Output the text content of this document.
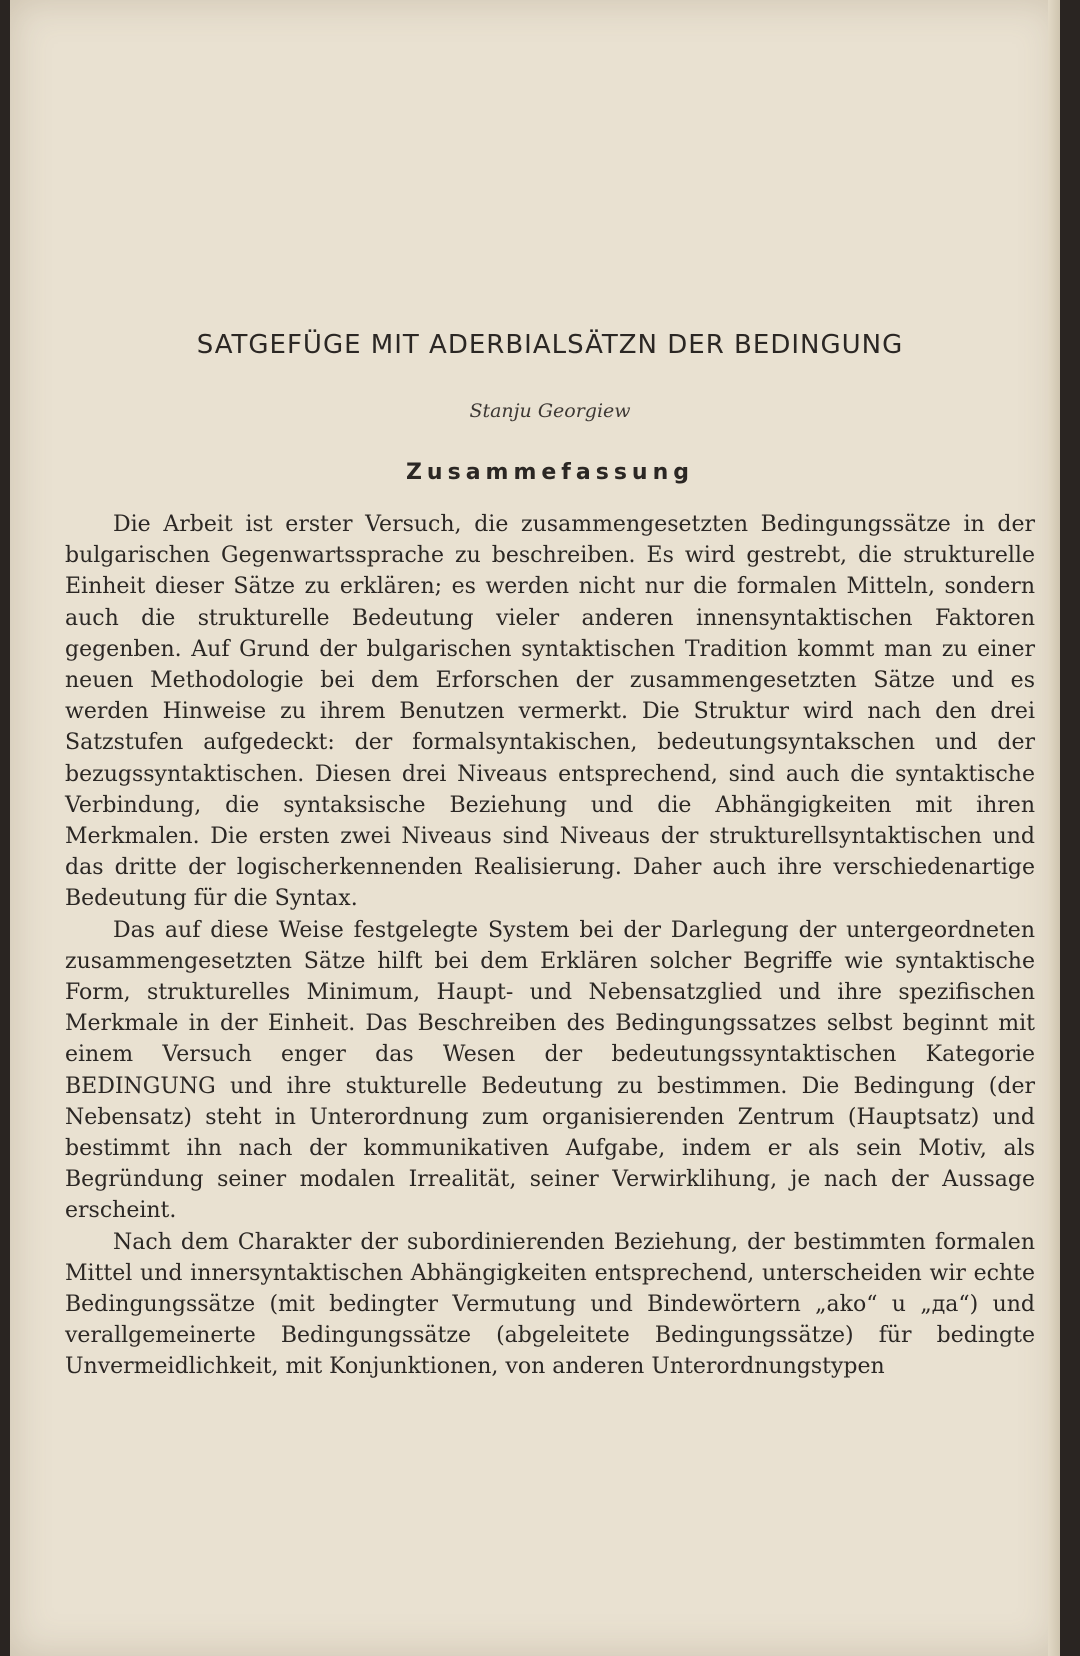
SATGEFÜGE MIT ADERBIALSÄTZN DER BEDINGUNG
Stanju Georgiew
Zusammefassung

Die Arbeit ist erster Versuch, die zusammengesetzten Bedingungssätze in der bulgarischen Gegenwartssprache zu beschreiben. Es wird gestrebt, die strukturelle Einheit dieser Sätze zu erklären; es werden nicht nur die formalen Mitteln, sondern auch die strukturelle Bedeutung vieler anderen innensyntaktischen Faktoren gegenben. Auf Grund der bulgarischen syntaktischen Tradition kommt man zu einer neuen Methodologie bei dem Erforschen der zusammengesetzten Sätze und es werden Hinweise zu ihrem Benutzen vermerkt. Die Struktur wird nach den drei Satzstufen aufgedeckt: der formalsyntakischen, bedeutungsyntakschen und der bezugssyntaktischen. Diesen drei Niveaus entsprechend, sind auch die syntaktische Verbindung, die syntaksische Beziehung und die Abhängigkeiten mit ihren Merkmalen. Die ersten zwei Niveaus sind Niveaus der strukturellsyntaktischen und das dritte der logischerkennenden Realisierung. Daher auch ihre verschiedenartige Bedeutung für die Syntax.

Das auf diese Weise festgelegte System bei der Darlegung der untergeordneten zusammengesetzten Sätze hilft bei dem Erklären solcher Begriffe wie syntaktische Form, strukturelles Minimum, Haupt- und Nebensatzglied und ihre spezifischen Merkmale in der Einheit. Das Beschreiben des Bedingungssatzes selbst beginnt mit einem Versuch enger das Wesen der bedeutungssyntaktischen Kategorie BEDINGUNG und ihre stukturelle Bedeutung zu bestimmen. Die Bedingung (der Nebensatz) steht in Unterordnung zum organisierenden Zentrum (Hauptsatz) und bestimmt ihn nach der kommunikativen Aufgabe, indem er als sein Motiv, als Begründung seiner modalen Irrealität, seiner Verwirklihung, je nach der Aussage erscheint.

Nach dem Charakter der subordinierenden Beziehung, der bestimmten formalen Mittel und innersyntaktischen Abhängigkeiten entsprechend, unterscheiden wir echte Bedingungssätze (mit bedingter Vermutung und Bindewörtern „ako“ u „да“) und verallgemeinerte Bedingungssätze (abgeleitete Bedingungssätze) für bedingte Unvermeidlichkeit, mit Konjunktionen, von anderen Unterordnungstypen
